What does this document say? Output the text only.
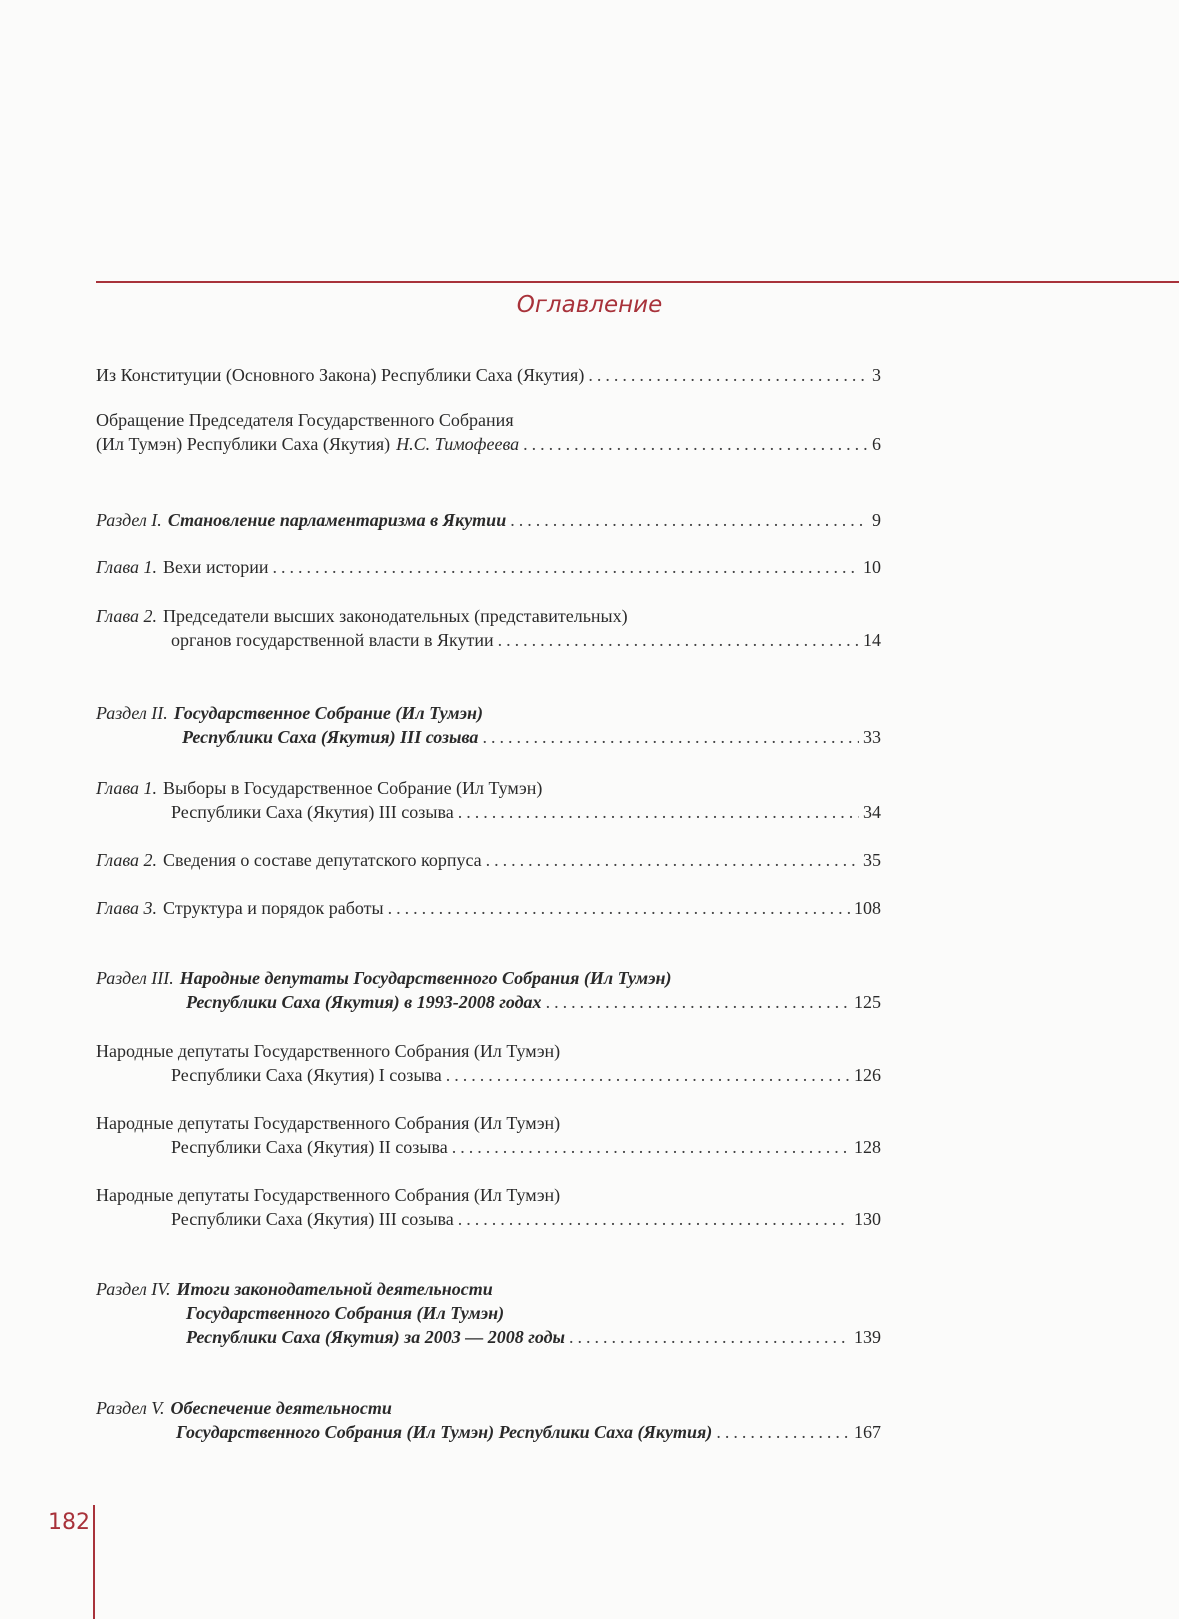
Оглавление
Из Конституции (Основного Закона) Республики Саха (Якутия) .....	3
Обращение Председателя Государственного Собрания
(Ил Тумэн) Республики Саха (Якутия) Н.С. Тимофеева .....	6
Раздел I. Становление парламентаризма в Якутии .....	9
Глава 1. Вехи истории .....	10
Глава 2. Председатели высших законодательных (представительных)
органов государственной власти в Якутии .....	14
Раздел II. Государственное Собрание (Ил Тумэн)
Республики Саха (Якутия) III созыва .....	33
Глава 1. Выборы в Государственное Собрание (Ил Тумэн)
Республики Саха (Якутия) III созыва .....	34
Глава 2. Сведения о составе депутатского корпуса .....	35
Глава 3. Структура и порядок работы .....	108
Раздел III. Народные депутаты Государственного Собрания (Ил Тумэн)
Республики Саха (Якутия) в 1993-2008 годах .....	125
Народные депутаты Государственного Собрания (Ил Тумэн)
Республики Саха (Якутия) I созыва .....	126
Народные депутаты Государственного Собрания (Ил Тумэн)
Республики Саха (Якутия) II созыва .....	128
Народные депутаты Государственного Собрания (Ил Тумэн)
Республики Саха (Якутия) III созыва .....	130
Раздел IV. Итоги законодательной деятельности
Государственного Собрания (Ил Тумэн)
Республики Саха (Якутия) за 2003 — 2008 годы .....	139
Раздел V. Обеспечение деятельности
Государственного Собрания (Ил Тумэн) Республики Саха (Якутия) .....	167
182
